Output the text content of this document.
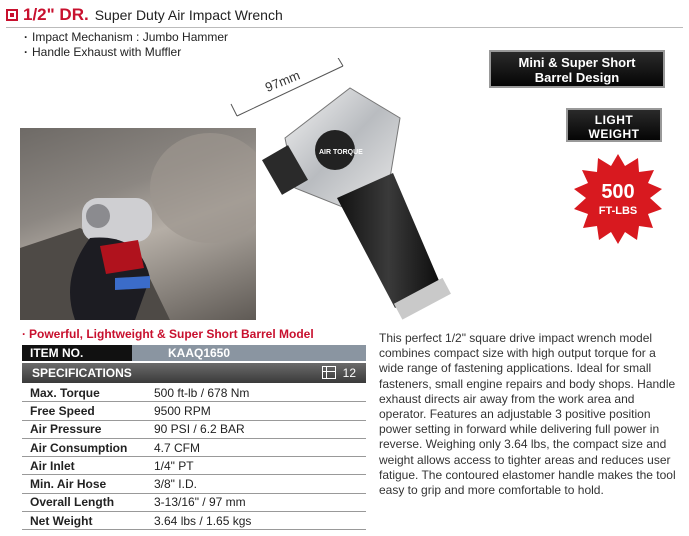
1/2" DR. Super Duty Air Impact Wrench
· Impact Mechanism : Jumbo Hammer
· Handle Exhaust with Muffler
97mm
AIR TORQUE
Mini & Super Short
Barrel Design
LIGHT
WEIGHT
500
FT-LBS
· Powerful, Lightweight & Super Short Barrel Model
ITEM NO.	KAAQ1650
SPECIFICATIONS	12
Max. Torque	500 ft-lb / 678 Nm
Free Speed	9500 RPM
Air Pressure	90 PSI / 6.2 BAR
Air Consumption	4.7 CFM
Air Inlet	1/4" PT
Min. Air Hose	3/8" I.D.
Overall Length	3-13/16" / 97 mm
Net Weight	3.64 lbs / 1.65 kgs

This perfect 1/2" square drive impact wrench model combines compact size with high output torque for a wide range of fastening applications. Ideal for small fasteners, small engine repairs and body shops. Handle exhaust directs air away from the work area and operator. Features an adjustable 3 positive position power setting in forward while delivering full power in reverse. Weighing only 3.64 lbs, the compact size and weight allows access to tighter areas and reduces user fatigue. The contoured elastomer handle makes the tool easy to grip and more comfortable to hold.
